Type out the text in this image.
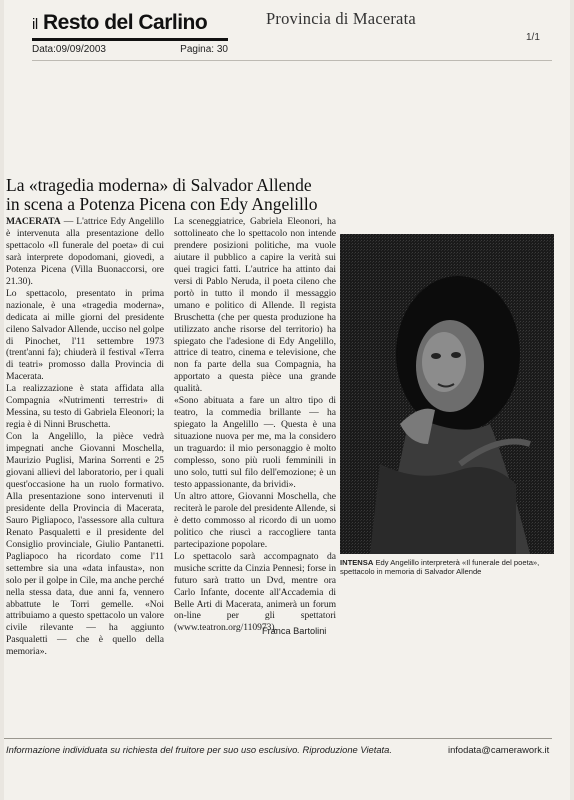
il Resto del Carlino
Data:09/09/2003	Pagina: 30
Provincia di Macerata
1/1
La «tragedia moderna» di Salvador Allende
in scena a Potenza Picena con Edy Angelillo

MACERATA — L'attrice Edy Angelillo è intervenuta alla presentazione dello spettacolo «Il funerale del poeta» di cui sarà interprete dopodomani, giovedì, a Potenza Picena (Villa Buonaccorsi, ore 21.30).

Lo spettacolo, presentato in prima nazionale, è una «tragedia moderna», dedicata ai mille giorni del presidente cileno Salvador Allende, ucciso nel golpe di Pinochet, l'11 settembre 1973 (trent'anni fa); chiuderà il festival «Terra di teatri» promosso dalla Provincia di Macerata.

La realizzazione è stata affidata alla Compagnia «Nutrimenti terrestri» di Messina, su testo di Gabriela Eleonori; la regia è di Ninni Bruschetta.

Con la Angelillo, la pièce vedrà impegnati anche Giovanni Moschella, Maurizio Puglisi, Marina Sorrenti e 25 giovani allievi del laboratorio, per i quali quest'occasione ha un ruolo formativo. Alla presentazione sono intervenuti il presidente della Provincia di Macerata, Sauro Pigliapoco, l'assessore alla cultura Renato Pasqualetti e il presidente del Consiglio provinciale, Giulio Pantanetti. Pagliapoco ha ricordato come l'11 settembre sia una «data infausta», non solo per il golpe in Cile, ma anche perché nella stessa data, due anni fa, vennero abbattute le Torri gemelle. «Noi attribuiamo a questo spettacolo un valore civile rilevante — ha aggiunto Pasqualetti — che è quello della memoria».

La sceneggiatrice, Gabriela Eleonori, ha sottolineato che lo spettacolo non intende prendere posizioni politiche, ma vuole aiutare il pubblico a capire la verità sui quei tragici fatti. L'autrice ha attinto dai versi di Pablo Neruda, il poeta cileno che portò in tutto il mondo il messaggio umano e politico di Allende. Il regista Bruschetta (che per questa produzione ha utilizzato anche risorse del territorio) ha spiegato che l'adesione di Edy Angelillo, attrice di teatro, cinema e televisione, che non fa parte della sua Compagnia, ha apportato a questa pièce una grande qualità.

«Sono abituata a fare un altro tipo di teatro, la commedia brillante — ha spiegato la Angelillo —. Questa è una situazione nuova per me, ma la considero un traguardo: il mio personaggio è molto complesso, sono più ruoli femminili in uno solo, tutti sul filo dell'emozione; è un testo appassionante, da brividi».

Un altro attore, Giovanni Moschella, che reciterà le parole del presidente Allende, si è detto commosso al ricordo di un uomo politico che riuscì a raccogliere tanta partecipazione popolare.

Lo spettacolo sarà accompagnato da musiche scritte da Cinzia Pennesi; forse in futuro sarà tratto un Dvd, mentre ora Carlo Infante, docente all'Accademia di Belle Arti di Macerata, animerà un forum on-line per gli spettatori (www.teatron.org/110973).

INTENSA Edy Angelillo interpreterà «Il funerale del poeta», spettacolo in memoria di Salvador Allende
Franca Bartolini
Informazione individuata su richiesta del fruitore per suo uso esclusivo. Riproduzione Vietata.	infodata@camerawork.it
